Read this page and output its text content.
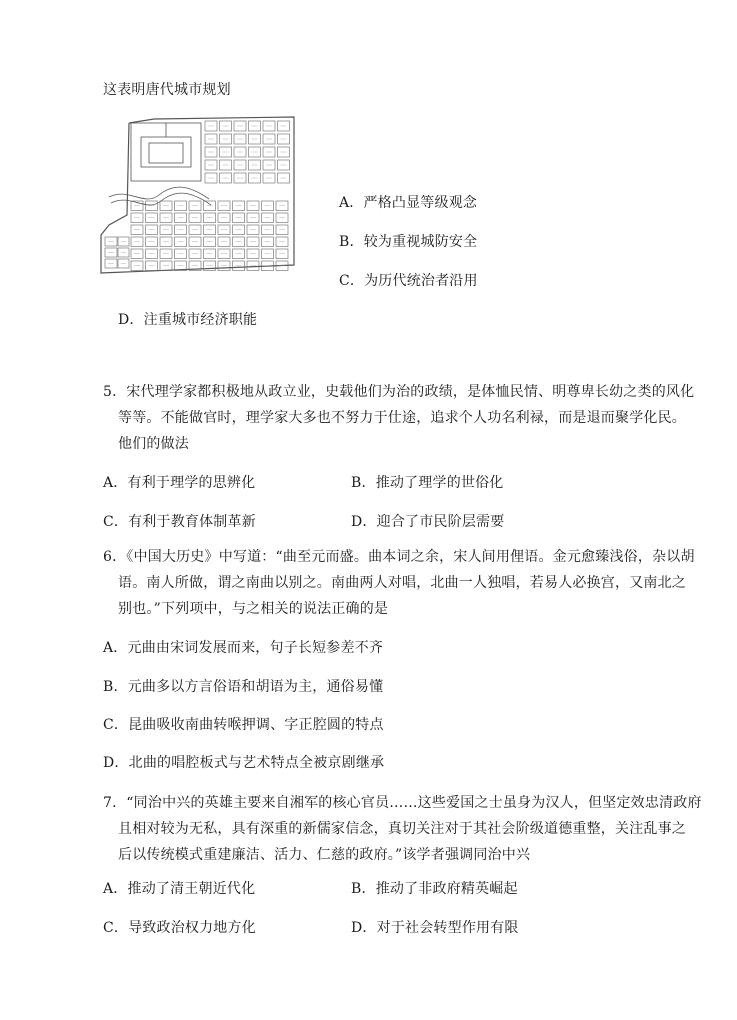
这表明唐代城市规划
A．严格凸显等级观念
B．较为重视城防安全
C．为历代统治者沿用
D．注重城市经济职能
5．宋代理学家都积极地从政立业，史载他们为治的政绩，是体恤民情、明尊卑长幼之类的风化
等等。不能做官时，理学家大多也不努力于仕途，追求个人功名利禄，而是退而聚学化民。
他们的做法
A．有利于理学的思辨化	B．推动了理学的世俗化
C．有利于教育体制革新	D．迎合了市民阶层需要
6．《中国大历史》中写道：“曲至元而盛。曲本词之余，宋人间用俚语。金元愈臻浅俗，杂以胡
语。南人所做，谓之南曲以别之。南曲两人对唱，北曲一人独唱，若易人必换宫，又南北之
别也。”下列项中，与之相关的说法正确的是
A．元曲由宋词发展而来，句子长短参差不齐
B．元曲多以方言俗语和胡语为主，通俗易懂
C．昆曲吸收南曲转喉押调、字正腔圆的特点
D．北曲的唱腔板式与艺术特点全被京剧继承
7．“同治中兴的英雄主要来自湘军的核心官员……这些爱国之士虽身为汉人，但坚定效忠清政府
且相对较为无私，具有深重的新儒家信念，真切关注对于其社会阶级道德重整，关注乱事之
后以传统模式重建廉洁、活力、仁慈的政府。”该学者强调同治中兴
A．推动了清王朝近代化	B．推动了非政府精英崛起
C．导致政治权力地方化	D．对于社会转型作用有限
